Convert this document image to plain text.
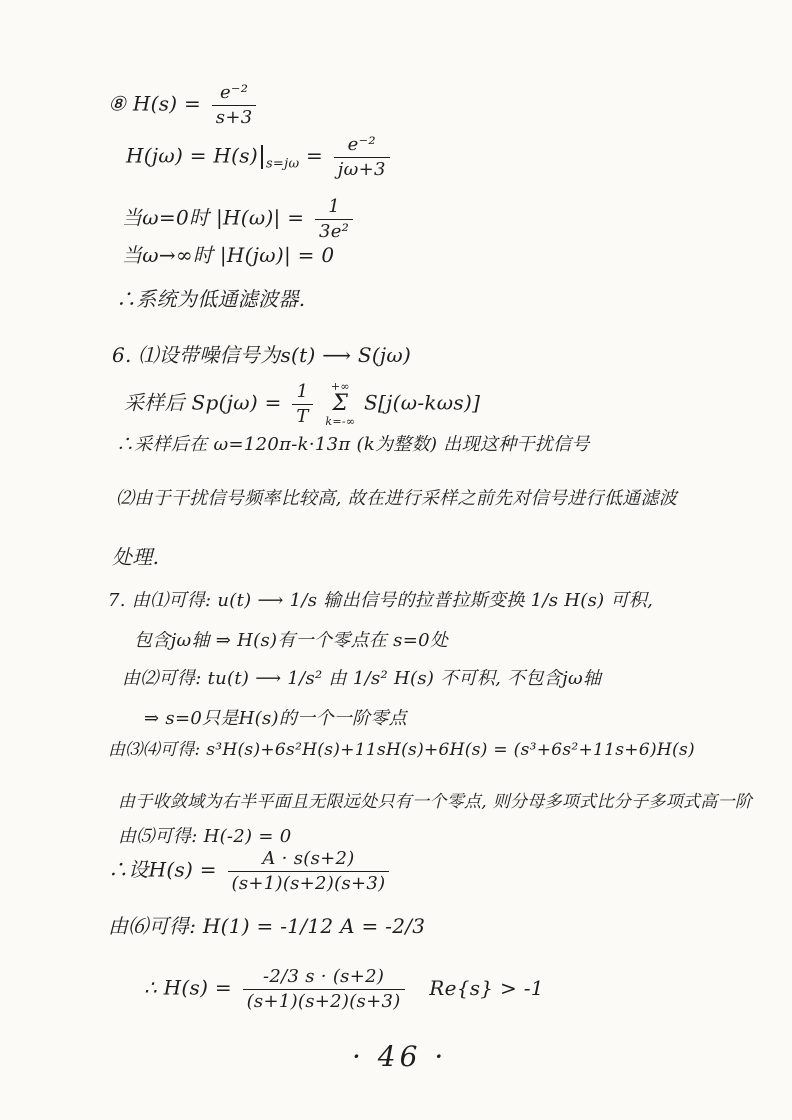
⑧ $H(s) = \frac{\text{e⁻²}}{s+3}$
H(jω) = H(s) $_{s=j\omega} = \frac{\text{e⁻²}}{j\omega+3}$
当ω=0时 $|H(\omega)| = \frac{1}{\text{3e²}}$
当ω→∞时 |H(jω)| = 0
∴系统为低通滤波器.
6. ⑴设带噪信号为s(t) ⟶ S(jω)
采样后 $Sp(j\omega) = \frac{1}{T}$
	+∞
Σ
k=-∞
S[j(ω-kωs)]
∴采样后在 ω=120π-k·13π (k为整数) 出现这种干扰信号
⑵由于干扰信号频率比较高, 故在进行采样之前先对信号进行低通滤波
处理.
7. 由⑴可得: u(t) ⟶ 1/s 输出信号的拉普拉斯变换 1/s H(s) 可积,
包含jω轴 ⇒ H(s)有一个零点在 s=0处
由⑵可得: tu(t) ⟶ 1/s² 由 1/s² H(s) 不可积, 不包含jω轴
⇒ s=0只是H(s)的一个一阶零点
由⑶⑷可得: s³H(s)+6s²H(s)+11sH(s)+6H(s) = (s³+6s²+11s+6)H(s)
由于收敛域为右半平面且无限远处只有一个零点, 则分母多项式比分子多项式高一阶
由⑸可得: H(-2) = 0
∴设$H(s) = \frac{A \cdot s(s+2)}{(s+1)(s+2)(s+3)}$
由⑹可得: H(1) = -1/12 A = -2/3
∴ $H(s) = \frac{-2/3 s \cdot (s+2)}{(s+1)(s+2)(s+3)} Re\{s\} > -1$
· 46 ·
